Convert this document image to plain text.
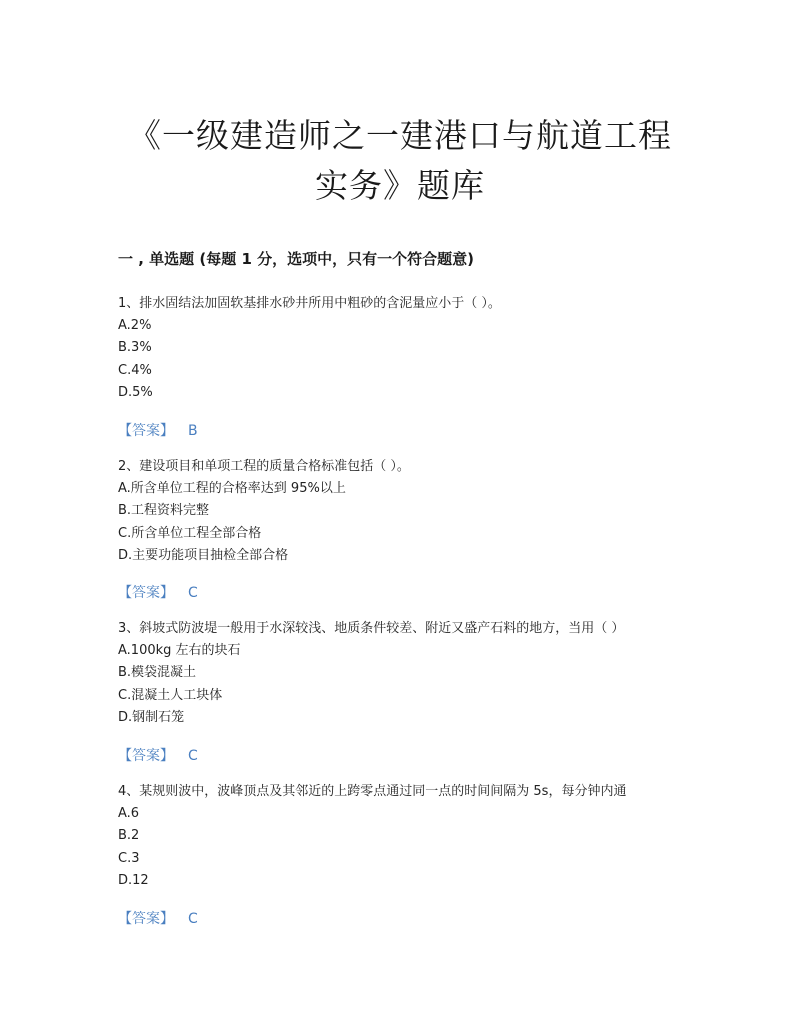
《一级建造师之一建港口与航道工程
实务》题库
一 , 单选题 (每题 1 分，选项中，只有一个符合题意)
1、排水固结法加固软基排水砂井所用中粗砂的含泥量应小于（ ）。
A.2%
B.3%
C.4%
D.5%
【答案】 B
2、建设项目和单项工程的质量合格标准包括（ ）。
A.所含单位工程的合格率达到 95%以上
B.工程资料完整
C.所含单位工程全部合格
D.主要功能项目抽检全部合格
【答案】 C
3、斜坡式防波堤一般用于水深较浅、地质条件较差、附近又盛产石料的地方，当用（ ）
A.100kg 左右的块石
B.模袋混凝土
C.混凝土人工块体
D.钢制石笼
【答案】 C
4、某规则波中，波峰顶点及其邻近的上跨零点通过同一点的时间间隔为 5s，每分钟内通
A.6
B.2
C.3
D.12
【答案】 C
